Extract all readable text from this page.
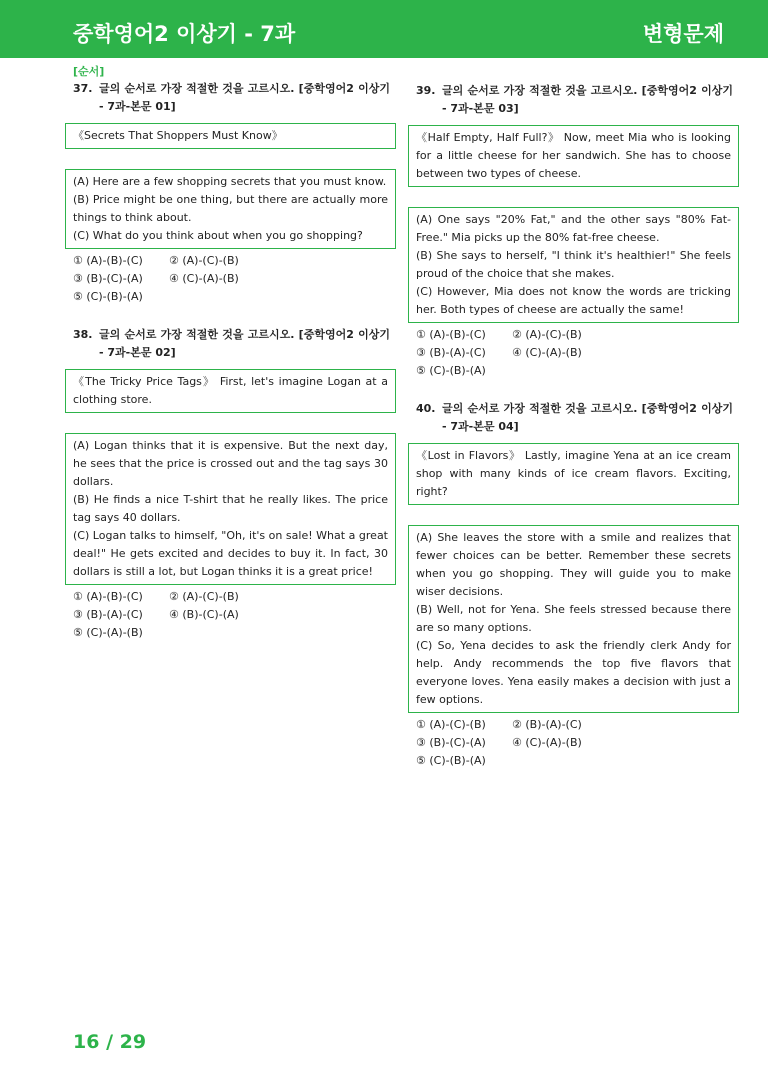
중학영어2 이상기 - 7과	변형문제
[순서]
37. 글의 순서로 가장 적절한 것을 고르시오. [중학영어2 이상기 - 7과-본문 01]
《Secrets That Shoppers Must Know》
(A) Here are a few shopping secrets that you must know.
(B) Price might be one thing, but there are actually more things to think about.
(C) What do you think about when you go shopping?
① (A)-(B)-(C)	② (A)-(C)-(B)
③ (B)-(C)-(A)	④ (C)-(A)-(B)
⑤ (C)-(B)-(A)
38. 글의 순서로 가장 적절한 것을 고르시오. [중학영어2 이상기 - 7과-본문 02]
《The Tricky Price Tags》 First, let's imagine Logan at a clothing store.
(A) Logan thinks that it is expensive. But the next day, he sees that the price is crossed out and the tag says 30 dollars.
(B) He finds a nice T-shirt that he really likes. The price tag says 40 dollars.
(C) Logan talks to himself, "Oh, it's on sale! What a great deal!" He gets excited and decides to buy it. In fact, 30 dollars is still a lot, but Logan thinks it is a great price!
① (A)-(B)-(C)	② (A)-(C)-(B)
③ (B)-(A)-(C)	④ (B)-(C)-(A)
⑤ (C)-(A)-(B)
39. 글의 순서로 가장 적절한 것을 고르시오. [중학영어2 이상기 - 7과-본문 03]
《Half Empty, Half Full?》 Now, meet Mia who is looking for a little cheese for her sandwich. She has to choose between two types of cheese.
(A) One says "20% Fat," and the other says "80% Fat-Free." Mia picks up the 80% fat-free cheese.
(B) She says to herself, "I think it's healthier!" She feels proud of the choice that she makes.
(C) However, Mia does not know the words are tricking her. Both types of cheese are actually the same!
① (A)-(B)-(C)	② (A)-(C)-(B)
③ (B)-(A)-(C)	④ (C)-(A)-(B)
⑤ (C)-(B)-(A)
40. 글의 순서로 가장 적절한 것을 고르시오. [중학영어2 이상기 - 7과-본문 04]
《Lost in Flavors》 Lastly, imagine Yena at an ice cream shop with many kinds of ice cream flavors. Exciting, right?
(A) She leaves the store with a smile and realizes that fewer choices can be better. Remember these secrets when you go shopping. They will guide you to make wiser decisions.
(B) Well, not for Yena. She feels stressed because there are so many options.
(C) So, Yena decides to ask the friendly clerk Andy for help. Andy recommends the top five flavors that everyone loves. Yena easily makes a decision with just a few options.
① (A)-(C)-(B)	② (B)-(A)-(C)
③ (B)-(C)-(A)	④ (C)-(A)-(B)
⑤ (C)-(B)-(A)
16 / 29
